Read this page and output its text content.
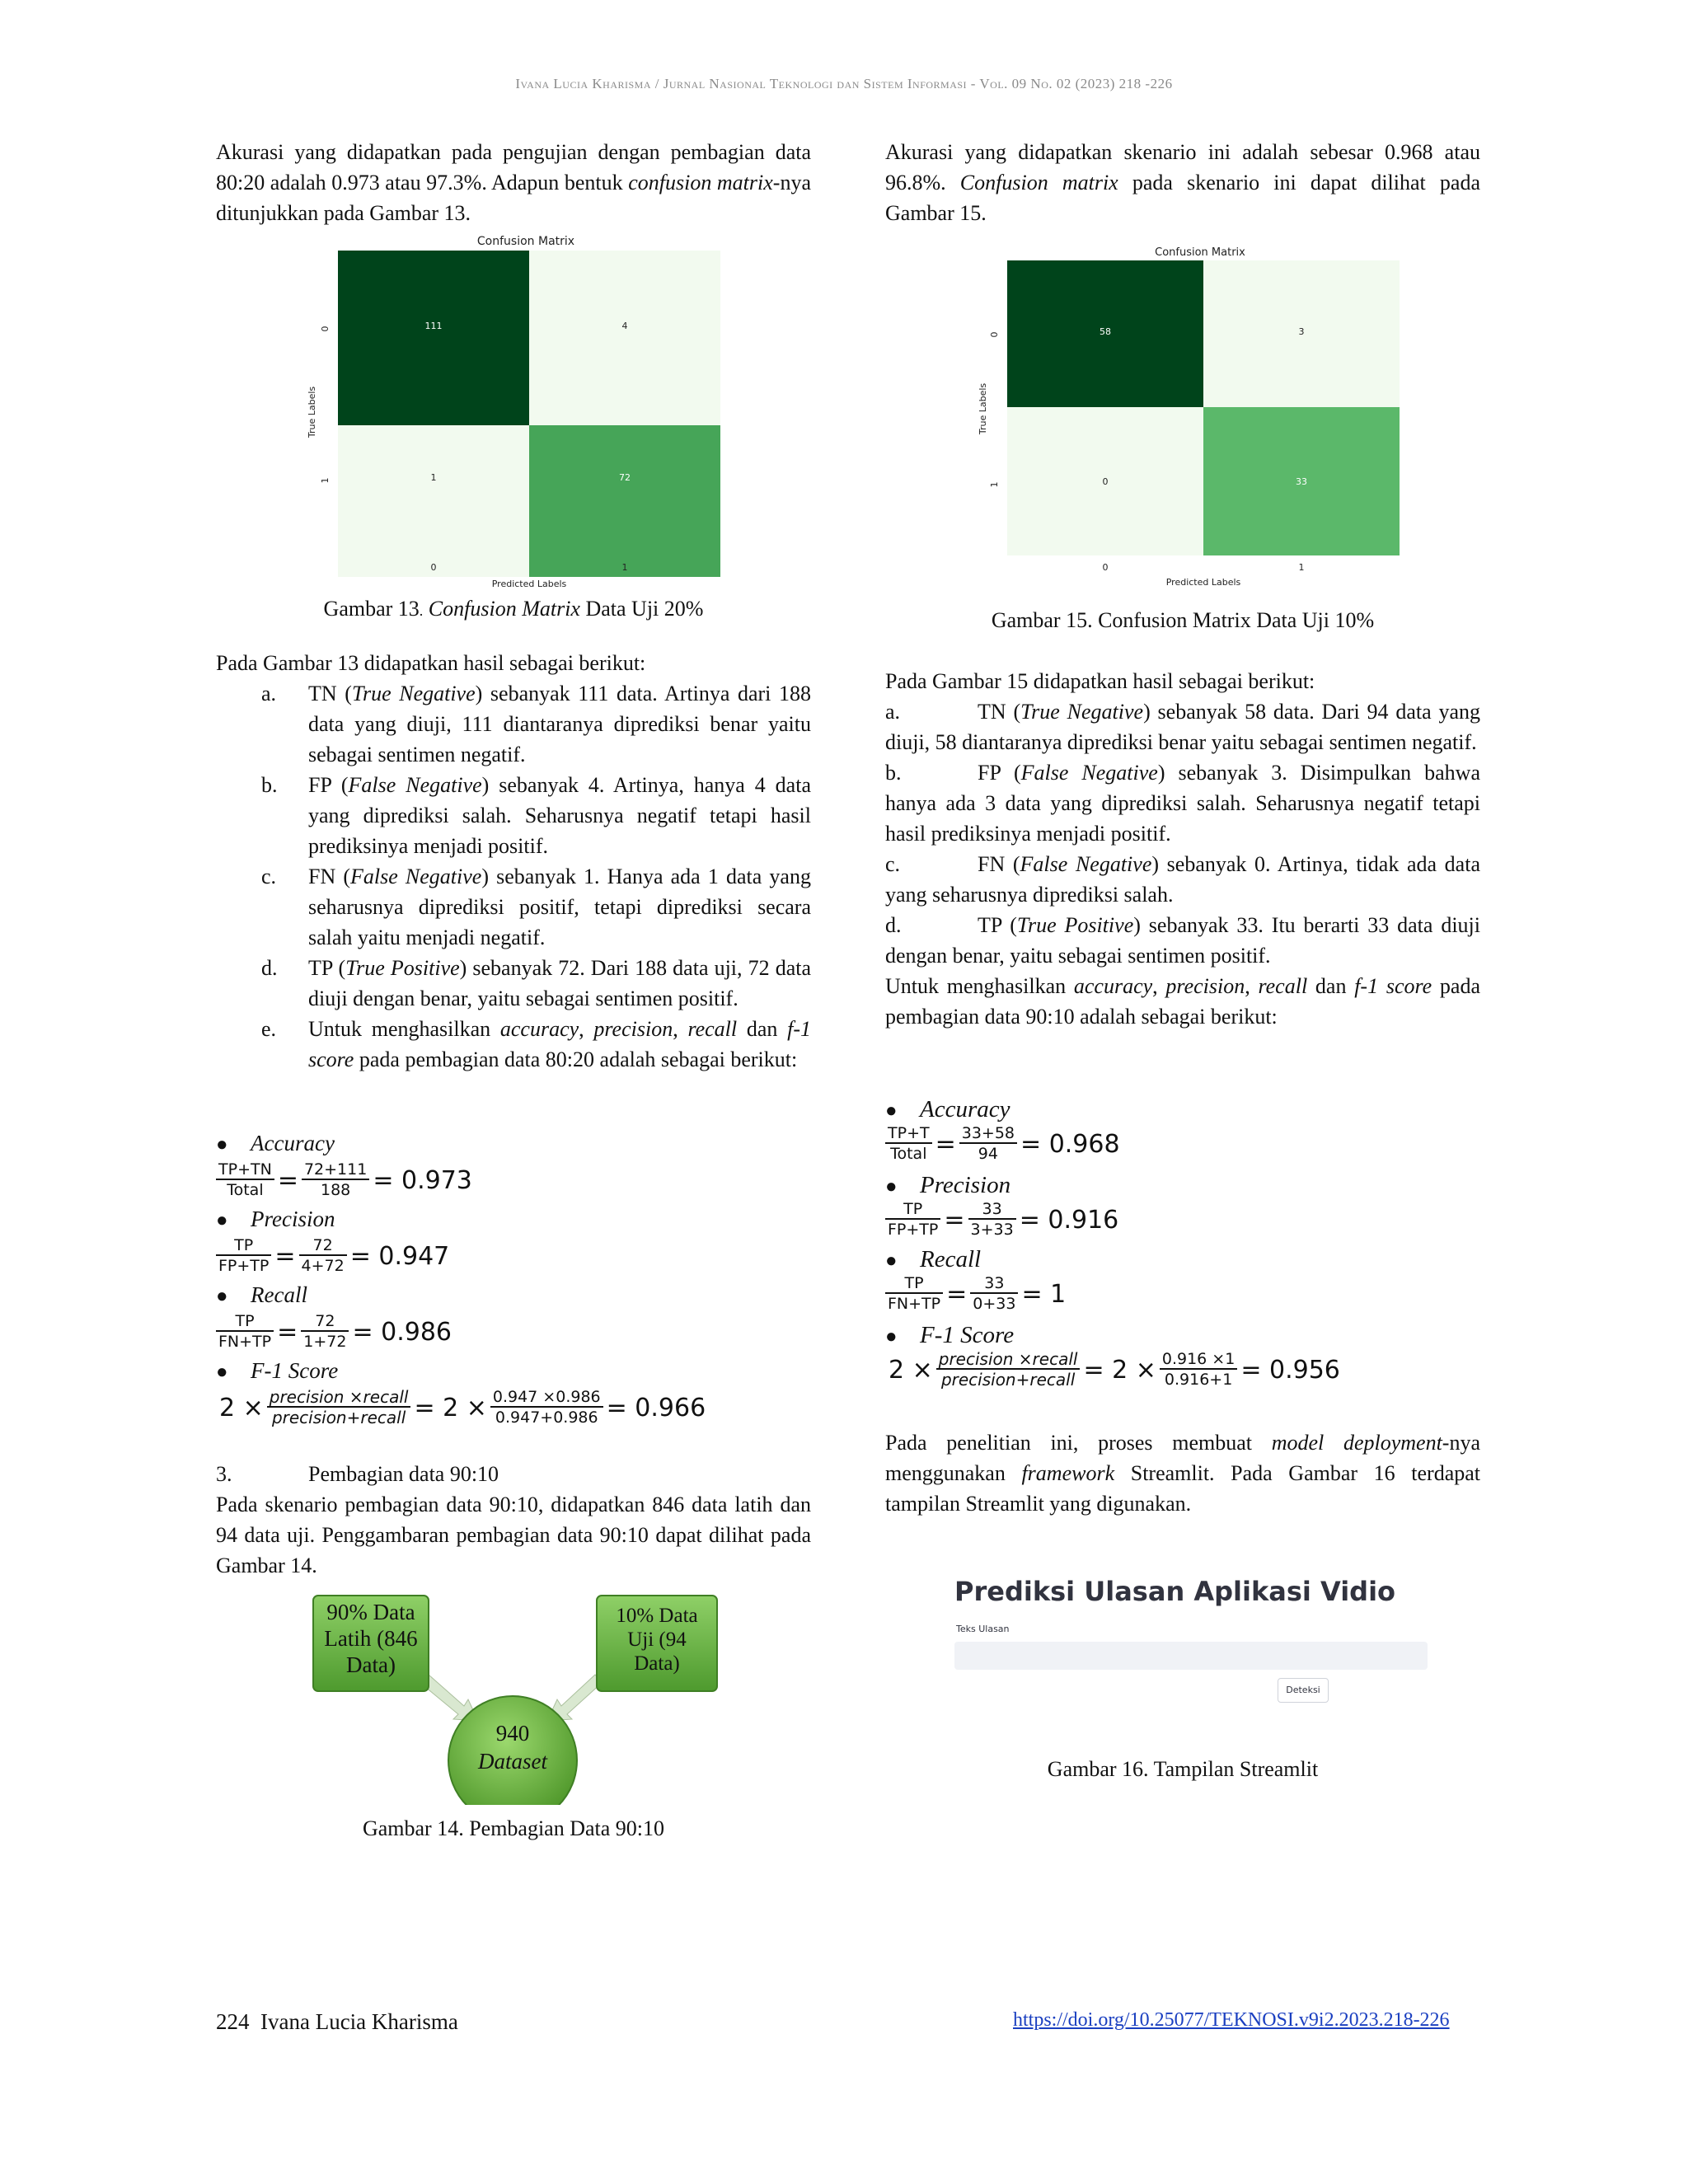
Ivana Lucia Kharisma / Jurnal Nasional Teknologi dan Sistem Informasi - Vol. 09 No. 02 (2023) 218 -226

Akurasi yang didapatkan pada pengujian dengan pembagian data 80:20 adalah 0.973 atau 97.3%. Adapun bentuk confusion matrix-nya ditunjukkan pada Gambar 13.

Confusion Matrix
111	4
1	72
0
1
0	1
Predicted Labels
True Labels
Gambar 13. Confusion Matrix Data Uji 20%

Pada Gambar 13 didapatkan hasil sebagai berikut:

a. TN (True Negative) sebanyak 111 data. Artinya dari 188 data yang diuji, 111 diantaranya diprediksi benar yaitu sebagai sentimen negatif.
b. FP (False Negative) sebanyak 4. Artinya, hanya 4 data yang diprediksi salah. Seharusnya negatif tetapi hasil prediksinya menjadi positif.
c. FN (False Negative) sebanyak 1. Hanya ada 1 data yang seharusnya diprediksi positif, tetapi diprediksi secara salah yaitu menjadi negatif.
d. TP (True Positive) sebanyak 72. Dari 188 data uji, 72 data diuji dengan benar, yaitu sebagai sentimen positif.
e. Untuk menghasilkan accuracy, precision, recall dan f-1 score pada pembagian data 80:20 adalah sebagai berikut:
● Accuracy
$\frac{TP+TN}{\text{Total}} = \frac{72+111}{188} = 0.973$
● Precision
$\frac{TP}{FP+TP} = \frac{72}{4+72} = 0.947$
● Recall
$\frac{TP}{FN+TP} = \frac{72}{1+72} = 0.986$
● F-1 Score
$2 \times \frac{\text{precision ×recall}}{\text{precision+recall}} = 2 \times \frac{0.947 \times 0.986}{0.947+0.986} = 0.966$

3.	Pembagian data 90:10

Pada skenario pembagian data 90:10, didapatkan 846 data latih dan 94 data uji. Penggambaran pembagian data 90:10 dapat dilihat pada Gambar 14.

90% Data
Latih (846
Data)
10% Data
Uji (94
Data)
940
Dataset
Gambar 14. Pembagian Data 90:10

Akurasi yang didapatkan skenario ini adalah sebesar 0.968 atau 96.8%. Confusion matrix pada skenario ini dapat dilihat pada Gambar 15.

Confusion Matrix
58	3
0	33
0
1
0	1
Predicted Labels
True Labels
Gambar 15. Confusion Matrix Data Uji 10%

Pada Gambar 15 didapatkan hasil sebagai berikut:

a.	TN (True Negative) sebanyak 58 data. Dari 94 data yang diuji, 58 diantaranya diprediksi benar yaitu sebagai sentimen negatif.
b.	FP (False Negative) sebanyak 3. Disimpulkan bahwa hanya ada 3 data yang diprediksi salah. Seharusnya negatif tetapi hasil prediksinya menjadi positif.
c.	FN (False Negative) sebanyak 0. Artinya, tidak ada data yang seharusnya diprediksi salah.
d.	TP (True Positive) sebanyak 33. Itu berarti 33 data diuji dengan benar, yaitu sebagai sentimen positif.

Untuk menghasilkan accuracy, precision, recall dan f-1 score pada pembagian data 90:10 adalah sebagai berikut:

● Accuracy
$\frac{TP+T}{\text{Total}} = \frac{33+58}{94} = 0.968$
● Precision
$\frac{TP}{FP+TP} = \frac{33}{3+33} = 0.916$
● Recall
$\frac{TP}{FN+TP} = \frac{33}{0+33} = 1$
● F-1 Score
$2 \times \frac{\text{precision ×recall}}{\text{precision+recall}} = 2 \times \frac{0.916 \times 1}{0.916+1} = 0.956$

Pada penelitian ini, proses membuat model deployment-nya menggunakan framework Streamlit. Pada Gambar 16 terdapat tampilan Streamlit yang digunakan.

Prediksi Ulasan Aplikasi Vidio
Teks Ulasan
Deteksi
Gambar 16. Tampilan Streamlit
224  Ivana Lucia Kharisma	https://doi.org/10.25077/TEKNOSI.v9i2.2023.218-226
